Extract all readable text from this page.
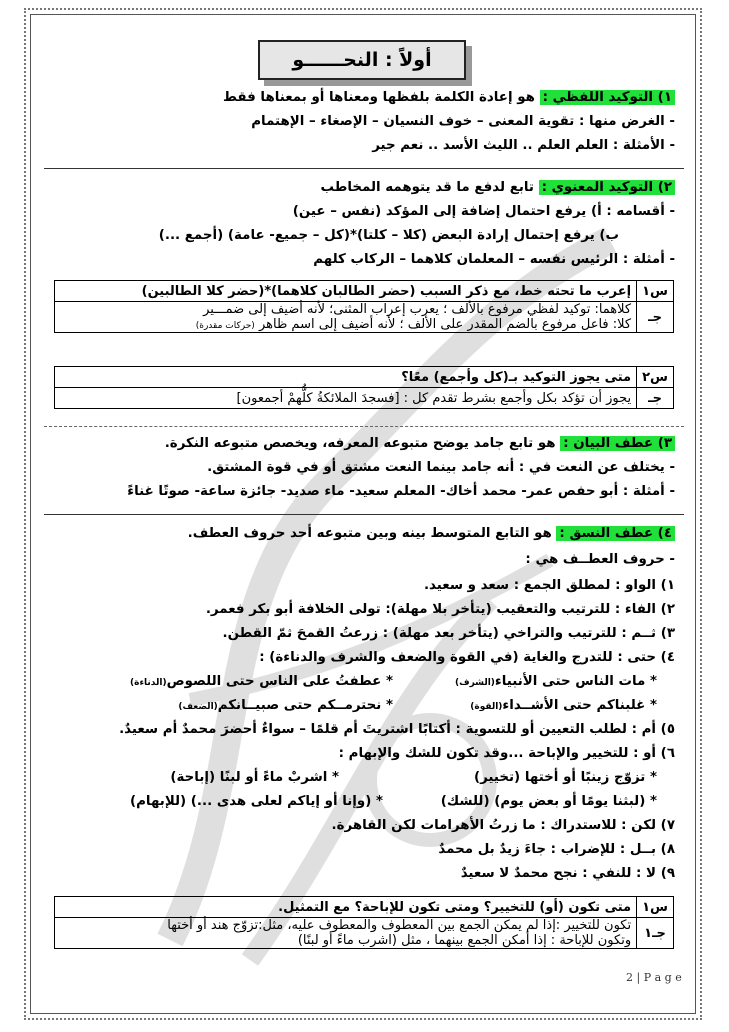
أولاً : النحــــــو
١) التوكيد اللفظي : هو إعادة الكلمة بلفظها ومعناها أو بمعناها فقط
- الغرض منها : تقوية المعنى – خوف النسيان – الإصغاء – الإهتمام
- الأمثلة : العلم العلم .. الليث الأسد .. نعم جير
٢) التوكيد المعنوي : تابع لدفع ما قد يتوهمه المخاطب
- أقسامه : أ) يرفع احتمال إضافة إلى المؤكد (نفس – عين)
ب) يرفع إحتمال إرادة البعض (كلا – كلتا)*(كل – جميع- عامة) (أجمع ...)
- أمثلة : الرئيس نفسه – المعلمان كلاهما – الركاب كلهم
س١	إعرب ما تحته خط، مع ذكر السبب (حضر الطالبان كلاهما)*(حضر كلا الطالبين)
جـ	كلاهما: توكيد لفظي مرفوع بالألف ؛ يعرب إعراب المثنى؛ لأنه أضيف إلى ضمـــير
كلا: فاعل مرفوع بالضم المقدر على الألف ؛ لأنه أضيف إلى اسم ظاهر (حركات مقدرة)
س٢	متى يجوز التوكيد بـ(كل وأجمع) معًا؟
جـ	يجوز أن تؤكد بكل وأجمع بشرط تقدم كل : [فسجدَ الملائكةُ كلُّهمْ أجمعون]
٣) عطف البيان : هو تابع جامد يوضح متبوعه المعرفه، ويخصص متبوعه النكرة.
- يختلف عن النعت في : أنه جامد بينما النعت مشتق أو في قوة المشتق.
- أمثلة : أبو حفص عمر- محمد أخاك- المعلم سعيد- ماء صديد- جائزة ساعة- صوتًا غناءً
٤) عطف النسق : هو التابع المتوسط بينه وبين متبوعه أحد حروف العطف.
- حروف العطــف هي :
١) الواو : لمطلق الجمع : سعد و سعيد.
٢) الفاء : للترتيب والتعقيب (يتأخر بلا مهلة): تولى الخلافة أبو بكر فعمر.
٣) ثــم : للترتيب والتراخي (يتأخر بعد مهلة) : زرعتُ القمحَ ثمّ القطن.
٤) حتى : للتدرج والغاية (في القوة والضعف والشرف والدناءة) :
* مات الناس حتى الأنبياء(الشرف)
* عطفتُ على الناس حتى اللصوص(الدناءة)
* غلبناكم حتى الأشــداء(القوة)
* نحترمــكم حتى صبيــانكم(الضعف)
٥) أم : لطلب التعيين أو للتسوية : أكتابًا اشتريتَ أم قلمًا – سواءٌ أحضرَ محمدٌ أم سعيدٌ.
٦) أو : للتخيير والإباحة ...وقد تكون للشك والإبهام :
* تزوّج زينبًا أو أختها (تخيير)
* اشربْ ماءً أو لبنًا (إباحة)
* (لبثنا يومًا أو بعض يوم) (للشك)
* (وإنا أو إياكم لعلى هدى ...) (للإبهام)
٧) لكن : للاستدراك : ما زرتُ الأهرامات لكن القاهرة.
٨) بــل : للإضراب : جاءَ زيدٌ بل محمدٌ
٩) لا : للنفي : نجح محمدٌ لا سعيدٌ
س١	متى تكون (أو) للتخيير؟ ومتى تكون للإباحة؟ مع التمثيل.
جـ١	تكون للتخيير :إذا لم يمكن الجمع بين المعطوف والمعطوف عليه، مثل:تزوّج هند أو أختها
وتكون للإباحة : إذا أمكن الجمع بينهما ، مثل (اشرب ماءً أو لبنًا)
2 | P a g e
